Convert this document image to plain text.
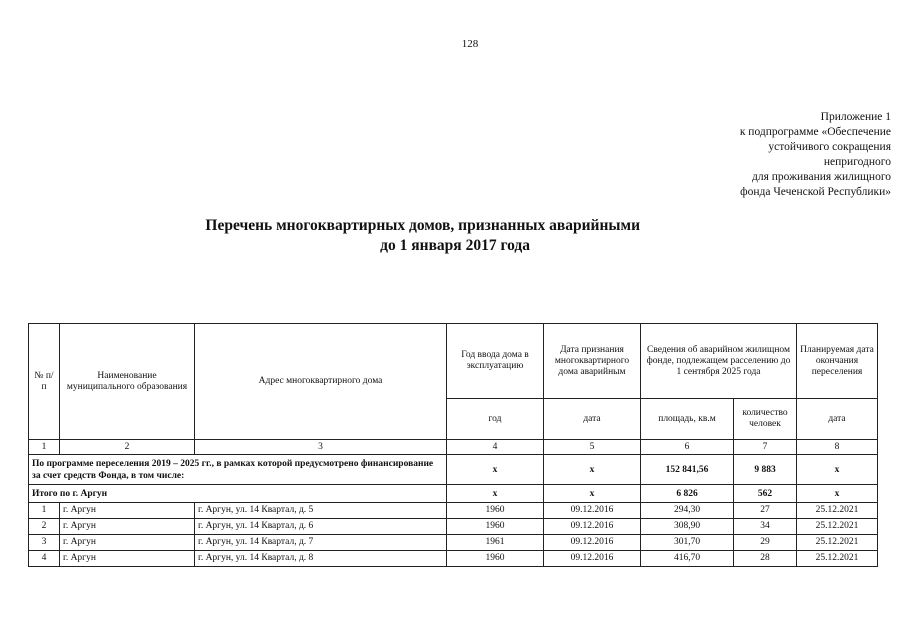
128
Приложение 1
к подпрограмме «Обеспечение
устойчивого сокращения
непригодного
для проживания жилищного
фонда Чеченской Республики»
Перечень многоквартирных домов, признанных аварийными
до 1 января 2017 года
№ п/п	Наименование муниципального образования	Адрес многоквартирного дома	Год ввода дома в эксплуатацию	Дата признания многоквартирного дома аварийным	Сведения об аварийном жилищном фонде, подлежащем расселению до 1 сентября 2025 года		Планируемая дата окончания переселения
			год	дата	площадь, кв.м	количество человек	дата
1	2	3	4	5	6	7	8
По программе переселения 2019 – 2025 гг., в рамках которой предусмотрено финансирование за счет средств Фонда, в том числе:			х	х	152 841,56	9 883	х
Итого по г. Аргун			х	х	6 826	562	х
1	г. Аргун	г. Аргун, ул. 14 Квартал, д. 5	1960	09.12.2016	294,30	27	25.12.2021
2	г. Аргун	г. Аргун, ул. 14 Квартал, д. 6	1960	09.12.2016	308,90	34	25.12.2021
3	г. Аргун	г. Аргун, ул. 14 Квартал, д. 7	1961	09.12.2016	301,70	29	25.12.2021
4	г. Аргун	г. Аргун, ул. 14 Квартал, д. 8	1960	09.12.2016	416,70	28	25.12.2021
